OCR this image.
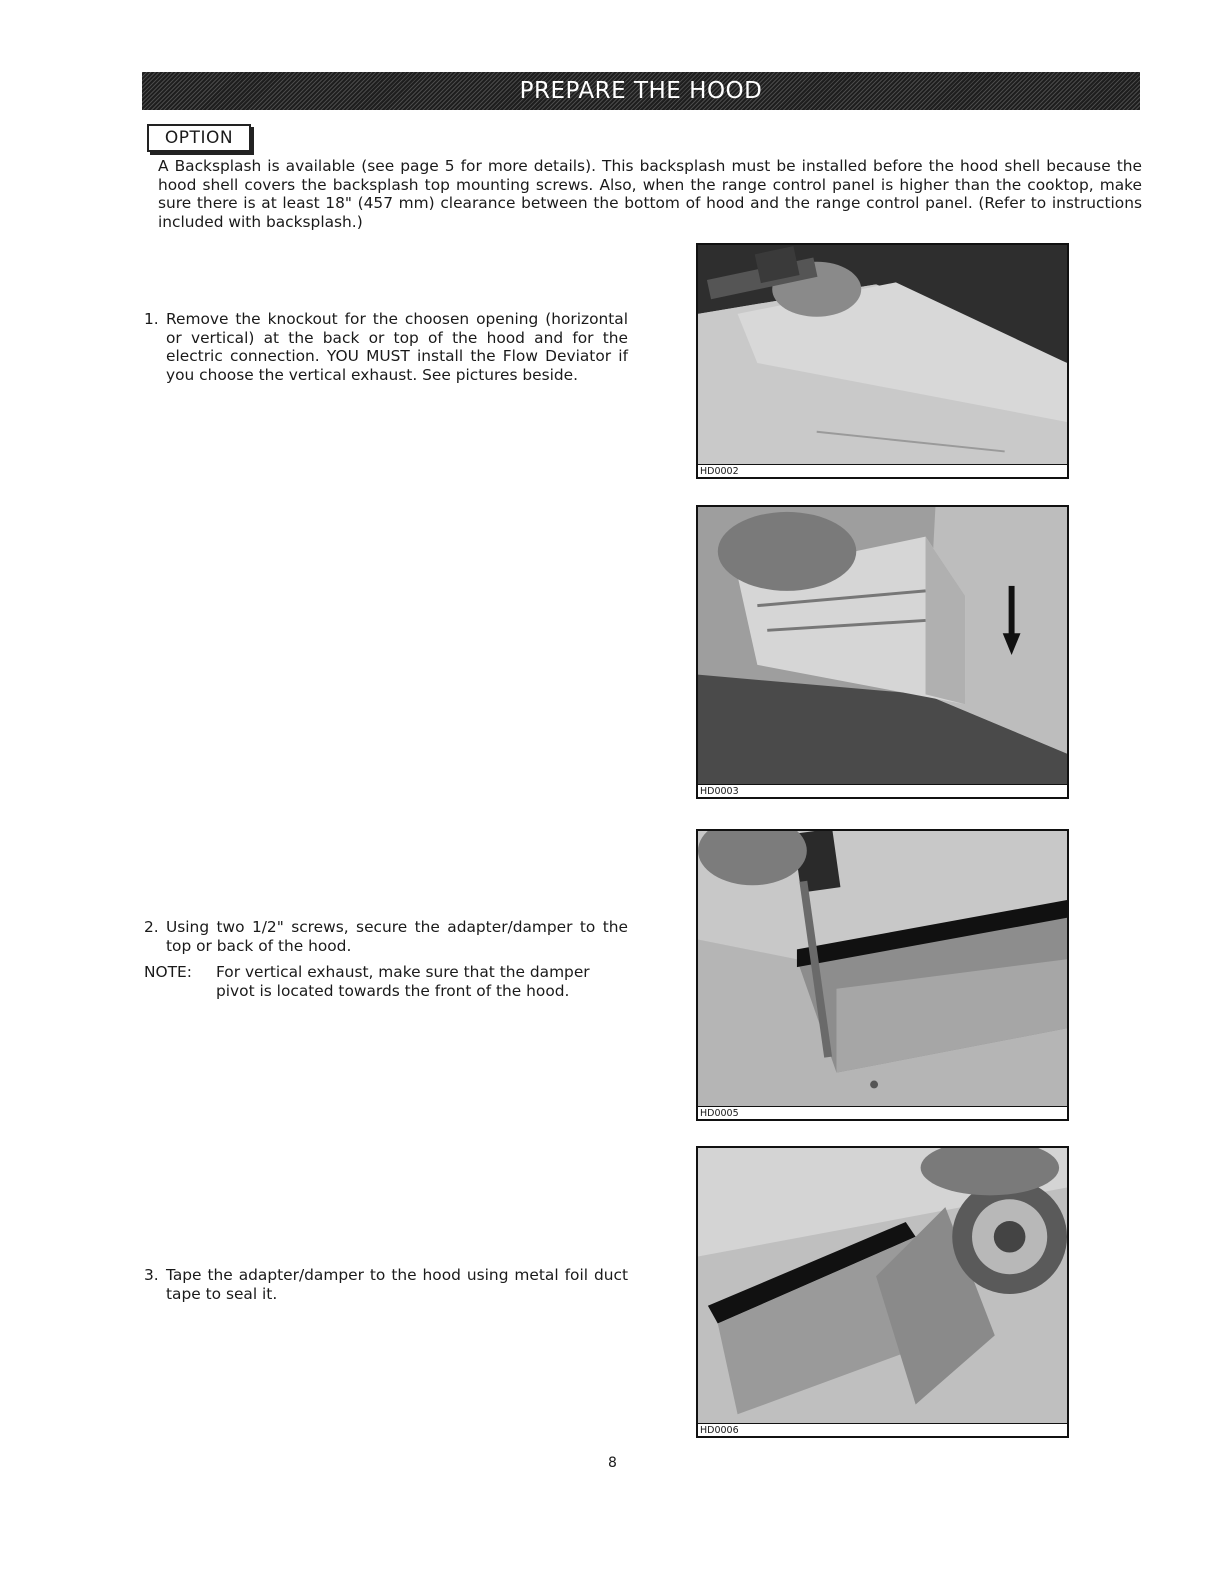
PREPARE THE HOOD
OPTION

A Backsplash is available (see page 5 for more details). This backsplash must be installed before the hood shell because the hood shell covers the backsplash top mounting screws. Also, when the range control panel is higher than the cooktop, make sure there is at least 18" (457 mm) clearance between the bottom of hood and the range control panel. (Refer to instructions included with backsplash.)

1. Remove the knockout for the choosen opening (horizontal or vertical) at the back or top of the hood and for the electric connection. YOU MUST install the Flow Deviator if you choose the vertical exhaust. See pictures beside.
2. Using two 1/2" screws, secure the adapter/damper to the top or back of the hood.
NOTE:	For vertical exhaust, make sure that the damper pivot is located towards the front of the hood.
3. Tape the adapter/damper to the hood using metal foil duct tape to seal it.
HD0002
HD0003
HD0005
HD0006
8
